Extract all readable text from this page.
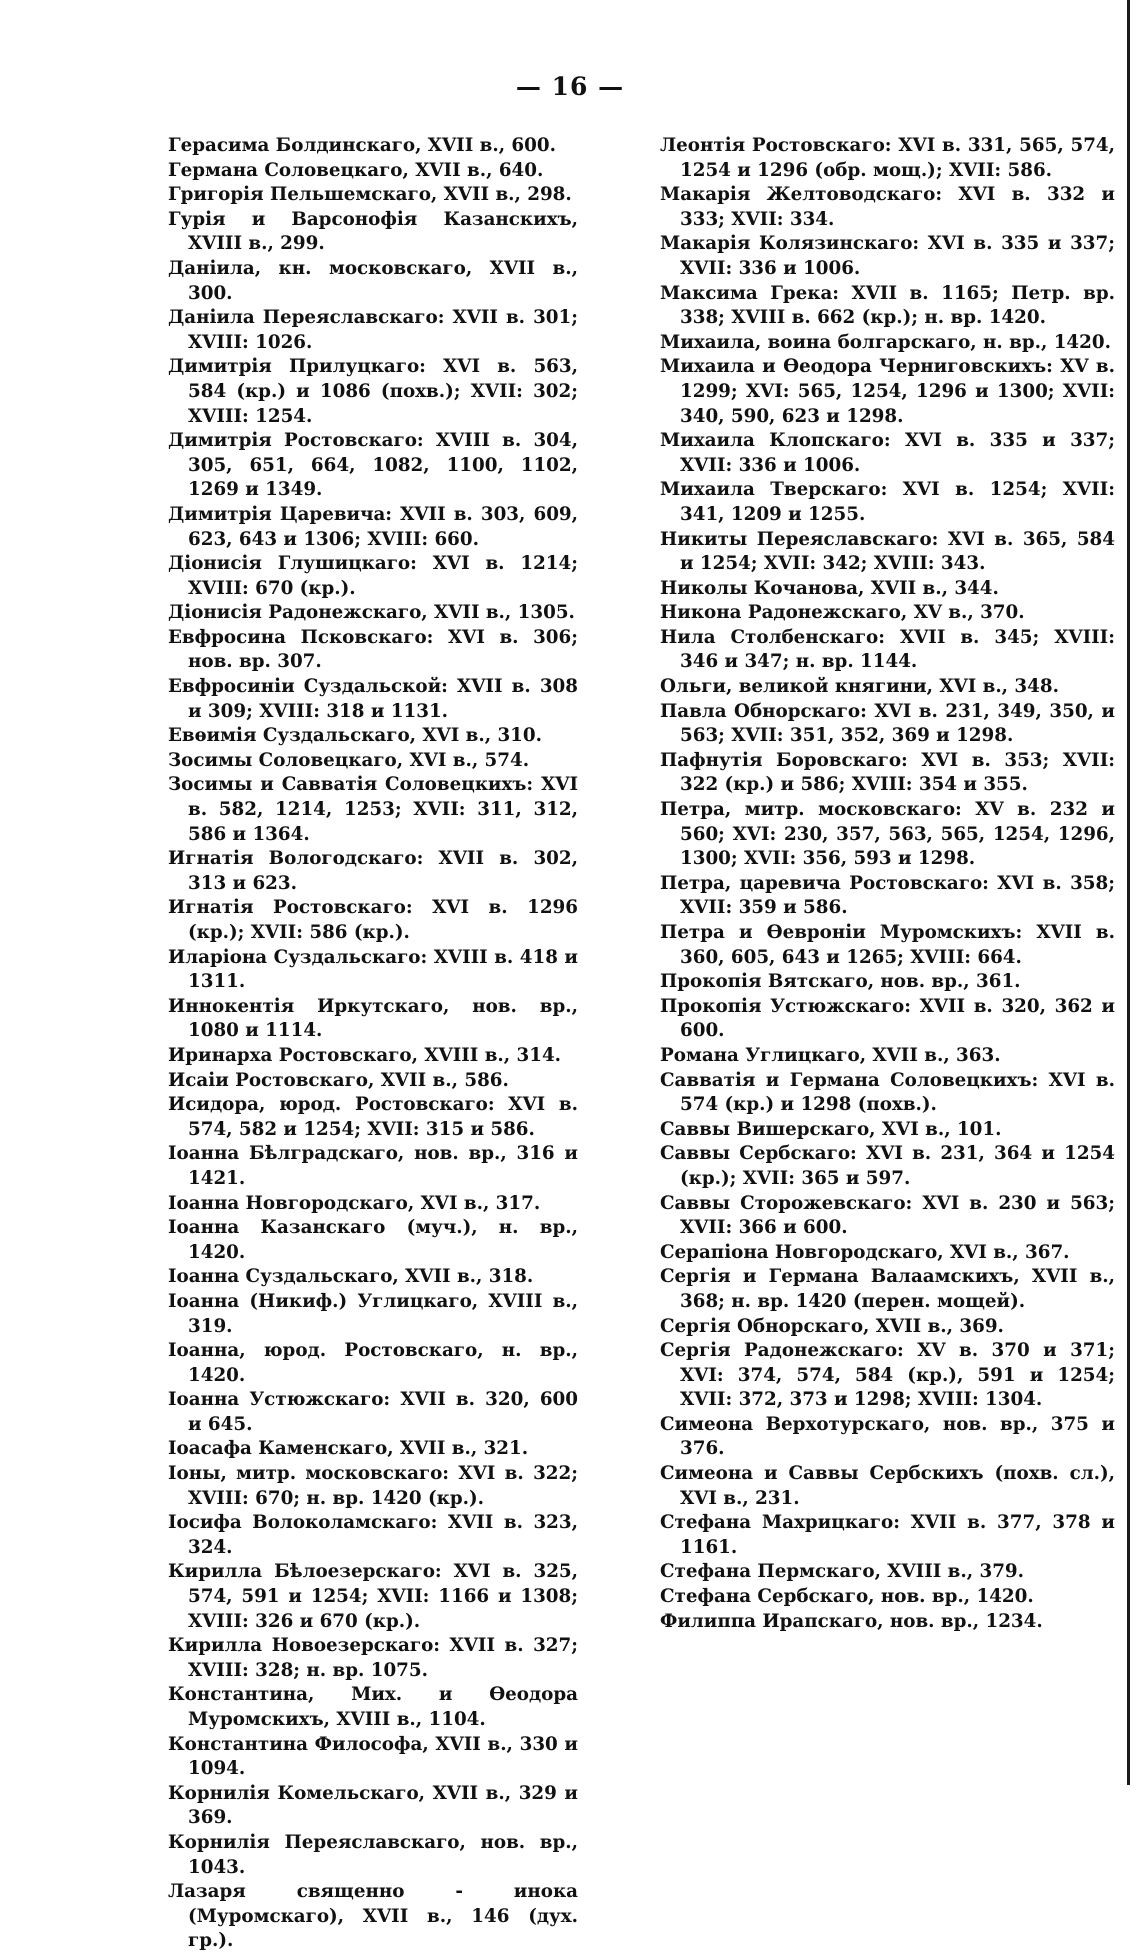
— 16 —

Герасима Болдинскаго, XVII в., 600.

Германа Соловецкаго, XVII в., 640.

Григорія Пельшемскаго, XVII в., 298.

Гурія и Варсонофія Казанскихъ, XVIII в., 299.

Даніила, кн. московскаго, XVII в., 300.

Даніила Переяславскаго: XVII в. 301; XVIII: 1026.

Димитрія Прилуцкаго: XVI в. 563, 584 (кр.) и 1086 (похв.); XVII: 302; XVIII: 1254.

Димитрія Ростовскаго: XVIII в. 304, 305, 651, 664, 1082, 1100, 1102, 1269 и 1349.

Димитрія Царевича: XVII в. 303, 609, 623, 643 и 1306; XVIII: 660.

Діонисія Глушицкаго: XVI в. 1214; XVIII: 670 (кр.).

Діонисія Радонежскаго, XVII в., 1305.

Евфросина Псковскаго: XVI в. 306; нов. вр. 307.

Евфросиніи Суздальской: XVII в. 308 и 309; XVIII: 318 и 1131.

Евѳимія Суздальскаго, XVI в., 310.

Зосимы Соловецкаго, XVI в., 574.

Зосимы и Савватія Соловецкихъ: XVI в. 582, 1214, 1253; XVII: 311, 312, 586 и 1364.

Игнатія Вологодскаго: XVII в. 302, 313 и 623.

Игнатія Ростовскаго: XVI в. 1296 (кр.); XVII: 586 (кр.).

Иларіона Суздальскаго: XVIII в. 418 и 1311.

Иннокентія Иркутскаго, нов. вр., 1080 и 1114.

Иринарха Ростовскаго, XVIII в., 314.

Исаіи Ростовскаго, XVII в., 586.

Исидора, юрод. Ростовскаго: XVI в. 574, 582 и 1254; XVII: 315 и 586.

Іоанна Бѣлградскаго, нов. вр., 316 и 1421.

Іоанна Новгородскаго, XVI в., 317.

Іоанна Казанскаго (муч.), н. вр., 1420.

Іоанна Суздальскаго, XVII в., 318.

Іоанна (Никиф.) Углицкаго, XVIII в., 319.

Іоанна, юрод. Ростовскаго, н. вр., 1420.

Іоанна Устюжскаго: XVII в. 320, 600 и 645.

Іоасафа Каменскаго, XVII в., 321.

Іоны, митр. московскаго: XVI в. 322; XVIII: 670; н. вр. 1420 (кр.).

Іосифа Волоколамскаго: XVII в. 323, 324.

Кирилла Бѣлоезерскаго: XVI в. 325, 574, 591 и 1254; XVII: 1166 и 1308; XVIII: 326 и 670 (кр.).

Кирилла Новоезерскаго: XVII в. 327; XVIII: 328; н. вр. 1075.

Константина, Мих. и Ѳеодора Муромскихъ, XVIII в., 1104.

Константина Философа, XVII в., 330 и 1094.

Корнилія Комельскаго, XVII в., 329 и 369.

Корнилія Переяславскаго, нов. вр., 1043.

Лазаря священно - инока (Муромскаго), XVII в., 146 (дух. гр.).

Леонтія Ростовскаго: XVI в. 331, 565, 574, 1254 и 1296 (обр. мощ.); XVII: 586.

Макарія Желтоводскаго: XVI в. 332 и 333; XVII: 334.

Макарія Колязинскаго: XVI в. 335 и 337; XVII: 336 и 1006.

Максима Грека: XVII в. 1165; Петр. вр. 338; XVIII в. 662 (кр.); н. вр. 1420.

Михаила, воина болгарскаго, н. вр., 1420.

Михаила и Ѳеодора Черниговскихъ: XV в. 1299; XVI: 565, 1254, 1296 и 1300; XVII: 340, 590, 623 и 1298.

Михаила Клопскаго: XVI в. 335 и 337; XVII: 336 и 1006.

Михаила Тверскаго: XVI в. 1254; XVII: 341, 1209 и 1255.

Никиты Переяславскаго: XVI в. 365, 584 и 1254; XVII: 342; XVIII: 343.

Николы Кочанова, XVII в., 344.

Никона Радонежскаго, XV в., 370.

Нила Столбенскаго: XVII в. 345; XVIII: 346 и 347; н. вр. 1144.

Ольги, великой княгини, XVI в., 348.

Павла Обнорскаго: XVI в. 231, 349, 350, и 563; XVII: 351, 352, 369 и 1298.

Пафнутія Боровскаго: XVI в. 353; XVII: 322 (кр.) и 586; XVIII: 354 и 355.

Петра, митр. московскаго: XV в. 232 и 560; XVI: 230, 357, 563, 565, 1254, 1296, 1300; XVII: 356, 593 и 1298.

Петра, царевича Ростовскаго: XVI в. 358; XVII: 359 и 586.

Петра и Ѳевроніи Муромскихъ: XVII в. 360, 605, 643 и 1265; XVIII: 664.

Прокопія Вятскаго, нов. вр., 361.

Прокопія Устюжскаго: XVII в. 320, 362 и 600.

Романа Углицкаго, XVII в., 363.

Савватія и Германа Соловецкихъ: XVI в. 574 (кр.) и 1298 (похв.).

Саввы Вишерскаго, XVI в., 101.

Саввы Сербскаго: XVI в. 231, 364 и 1254 (кр.); XVII: 365 и 597.

Саввы Сторожевскаго: XVI в. 230 и 563; XVII: 366 и 600.

Серапіона Новгородскаго, XVI в., 367.

Сергія и Германа Валаамскихъ, XVII в., 368; н. вр. 1420 (перен. мощей).

Сергія Обнорскаго, XVII в., 369.

Сергія Радонежскаго: XV в. 370 и 371; XVI: 374, 574, 584 (кр.), 591 и 1254; XVII: 372, 373 и 1298; XVIII: 1304.

Симеона Верхотурскаго, нов. вр., 375 и 376.

Симеона и Саввы Сербскихъ (похв. сл.), XVI в., 231.

Стефана Махрицкаго: XVII в. 377, 378 и 1161.

Стефана Пермскаго, XVIII в., 379.

Стефана Сербскаго, нов. вр., 1420.

Филиппа Ирапскаго, нов. вр., 1234.
